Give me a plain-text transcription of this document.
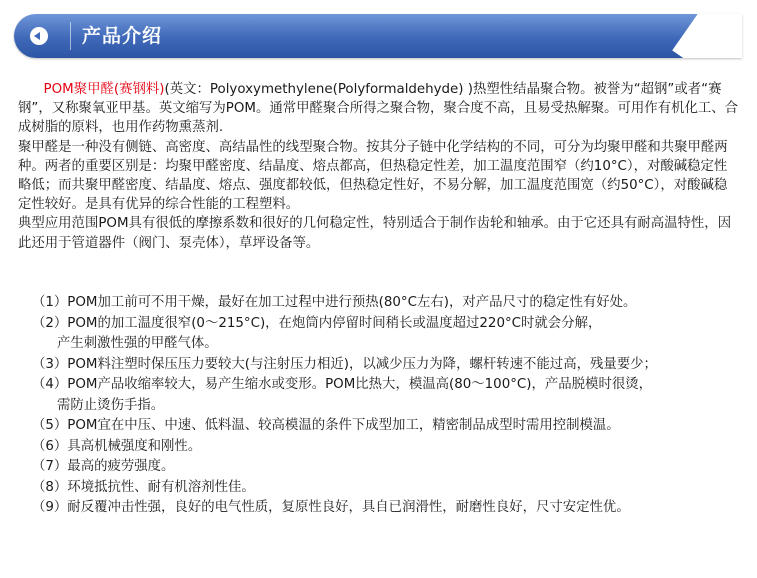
产品介绍

POM聚甲醛(赛钢料)(英文：Polyoxymethylene(Polyformaldehyde) )热塑性结晶聚合物。被誉为“超钢”或者“赛钢”，又称聚氧亚甲基。英文缩写为POM。通常甲醛聚合所得之聚合物，聚合度不高，且易受热解聚。可用作有机化工、合成树脂的原料，也用作药物熏蒸剂.

聚甲醛是一种没有侧链、高密度、高结晶性的线型聚合物。按其分子链中化学结构的不同，可分为均聚甲醛和共聚甲醛两种。两者的重要区别是：均聚甲醛密度、结晶度、熔点都高，但热稳定性差，加工温度范围窄（约10°C），对酸碱稳定性略低；而共聚甲醛密度、结晶度、熔点、强度都较低，但热稳定性好，不易分解，加工温度范围宽（约50°C），对酸碱稳定性较好。是具有优异的综合性能的工程塑料。

典型应用范围POM具有很低的摩擦系数和很好的几何稳定性，特别适合于制作齿轮和轴承。由于它还具有耐高温特性，因此还用于管道器件（阀门、泵壳体），草坪设备等。

（1）POM加工前可不用干燥，最好在加工过程中进行预热(80°C左右)，对产品尺寸的稳定性有好处。

（2）POM的加工温度很窄(0～215°C)，在炮筒内停留时间稍长或温度超过220°C时就会分解，

产生刺激性强的甲醛气体。

（3）POM料注塑时保压压力要较大(与注射压力相近)，以减少压力为降，螺杆转速不能过高，残量要少；

（4）POM产品收缩率较大，易产生缩水或变形。POM比热大，模温高(80～100°C)，产品脱模时很烫，

需防止烫伤手指。

（5）POM宜在中压、中速、低料温、较高模温的条件下成型加工，精密制品成型时需用控制模温。

（6）具高机械强度和刚性。

（7）最高的疲劳强度。

（8）环境抵抗性、耐有机溶剂性佳。

（9）耐反覆冲击性强，良好的电气性质，复原性良好，具自已润滑性，耐磨性良好，尺寸安定性优。
